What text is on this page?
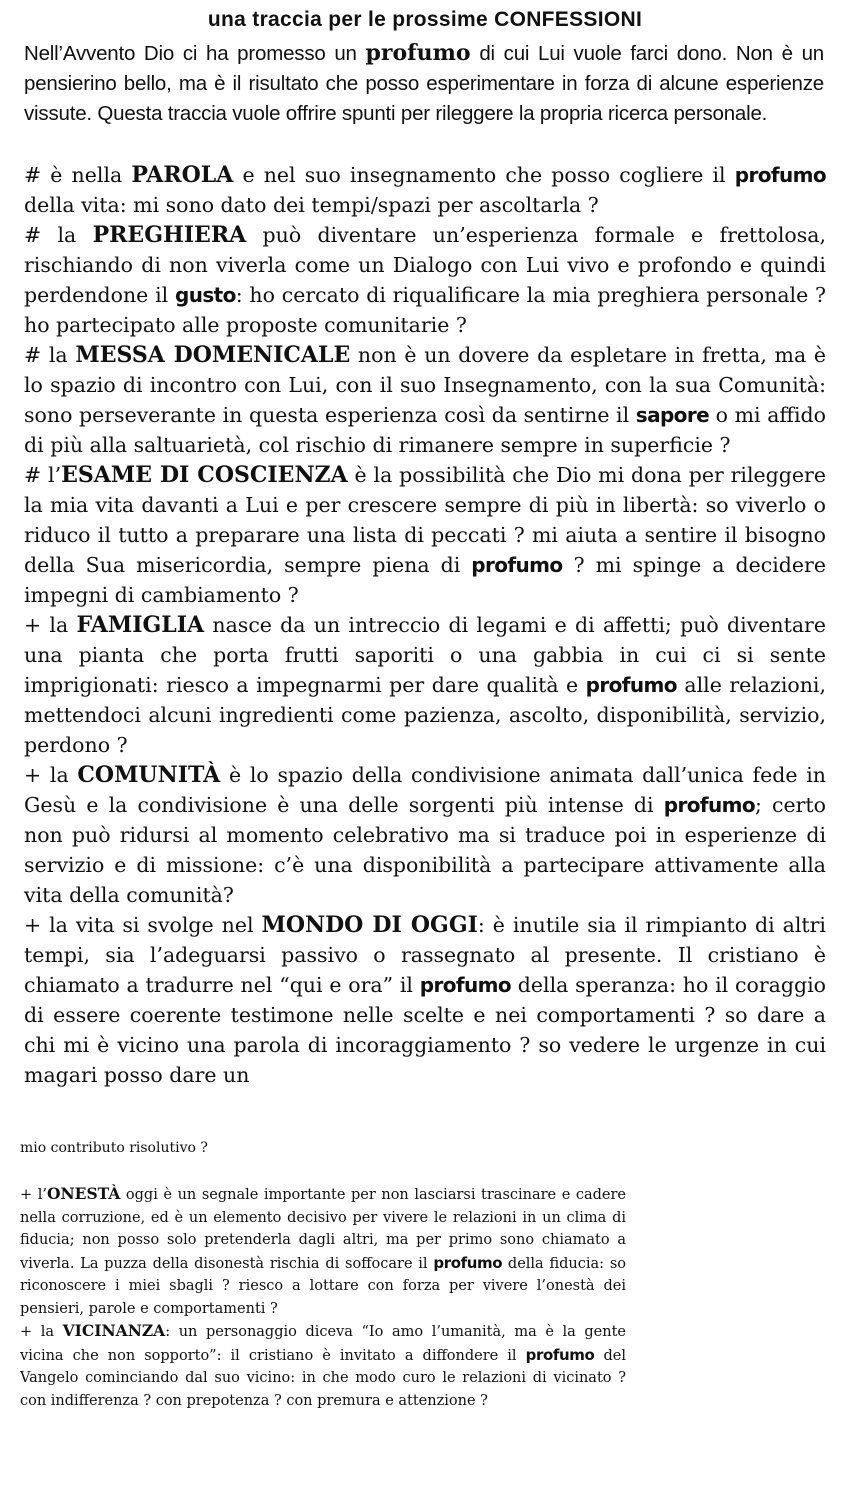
una traccia per le prossime CONFESSIONI
Nell’Avvento Dio ci ha promesso un profumo di cui Lui vuole farci dono. Non è un pensierino bello, ma è il risultato che posso esperimentare in forza di alcune esperienze vissute. Questa traccia vuole offrire spunti per rileggere la propria ricerca personale.

# è nella PAROLA e nel suo insegnamento che posso cogliere il profumo della vita: mi sono dato dei tempi/spazi per ascoltarla ?

# la PREGHIERA può diventare un’esperienza formale e frettolosa, rischiando di non viverla come un Dialogo con Lui vivo e profondo e quindi perdendone il gusto: ho cercato di riqualificare la mia preghiera personale ? ho partecipato alle proposte comunitarie ?

# la MESSA DOMENICALE non è un dovere da espletare in fretta, ma è lo spazio di incontro con Lui, con il suo Insegnamento, con la sua Comunità: sono perseverante in questa esperienza così da sentirne il sapore o mi affido di più alla saltuarietà, col rischio di rimanere sempre in superficie ?

# l’ESAME DI COSCIENZA è la possibilità che Dio mi dona per rileggere la mia vita davanti a Lui e per crescere sempre di più in libertà: so viverlo o riduco il tutto a preparare una lista di peccati ? mi aiuta a sentire il bisogno della Sua misericordia, sempre piena di profumo ? mi spinge a decidere impegni di cambiamento ?

+ la FAMIGLIA nasce da un intreccio di legami e di affetti; può diventare una pianta che porta frutti saporiti o una gabbia in cui ci si sente imprigionati: riesco a impegnarmi per dare qualità e profumo alle relazioni, mettendoci alcuni ingredienti come pazienza, ascolto, disponibilità, servizio, perdono ?

+ la COMUNITÀ è lo spazio della condivisione animata dall’unica fede in Gesù e la condivisione è una delle sorgenti più intense di profumo; certo non può ridursi al momento celebrativo ma si traduce poi in esperienze di servizio e di missione: c’è una disponibilità a partecipare attivamente alla vita della comunità?

+ la vita si svolge nel MONDO DI OGGI: è inutile sia il rimpianto di altri tempi, sia l’adeguarsi passivo o rassegnato al presente. Il cristiano è chiamato a tradurre nel “qui e ora” il profumo della speranza: ho il coraggio di essere coerente testimone nelle scelte e nei comportamenti ? so dare a chi mi è vicino una parola di incoraggiamento ? so vedere le urgenze in cui magari posso dare un

mio contributo risolutivo ?

+ l’ONESTÀ oggi è un segnale importante per non lasciarsi trascinare e cadere nella corruzione, ed è un elemento decisivo per vivere le relazioni in un clima di fiducia; non posso solo pretenderla dagli altri, ma per primo sono chiamato a viverla. La puzza della disonestà rischia di soffocare il profumo della fiducia: so riconoscere i miei sbagli ? riesco a lottare con forza per vivere l’onestà dei pensieri, parole e comportamenti ?

+ la VICINANZA: un personaggio diceva “Io amo l’umanità, ma è la gente vicina che non sopporto”: il cristiano è invitato a diffondere il profumo del Vangelo cominciando dal suo vicino: in che modo curo le relazioni di vicinato ? con indifferenza ? con prepotenza ? con premura e attenzione ?
